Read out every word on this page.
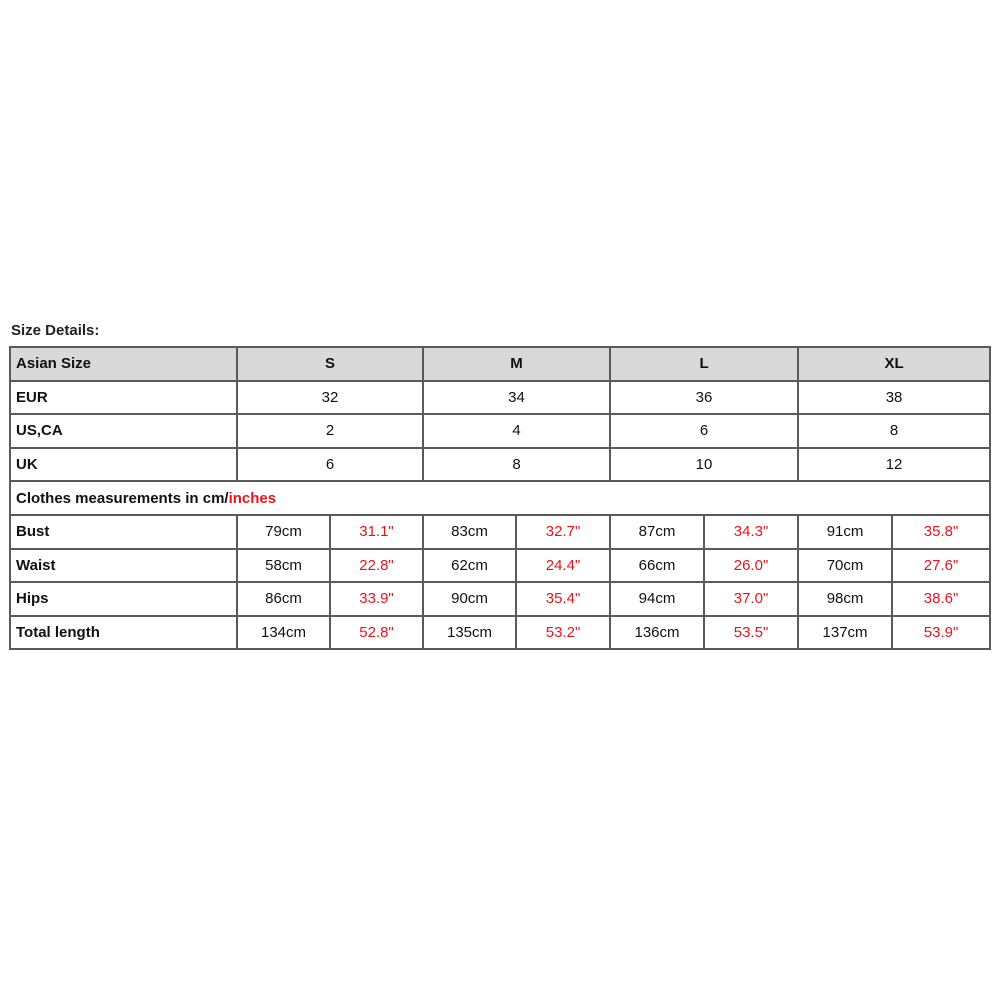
Size Details:
Asian Size	S		M		L		XL	
EUR	32		34		36		38	
US,CA	2		4		6		8	
UK	6		8		10		12	
Clothes measurements in cm/inches								
Bust	79cm	31.1"	83cm	32.7"	87cm	34.3"	91cm	35.8"
Waist	58cm	22.8"	62cm	24.4"	66cm	26.0"	70cm	27.6"
Hips	86cm	33.9"	90cm	35.4"	94cm	37.0"	98cm	38.6"
Total length	134cm	52.8"	135cm	53.2"	136cm	53.5"	137cm	53.9"
